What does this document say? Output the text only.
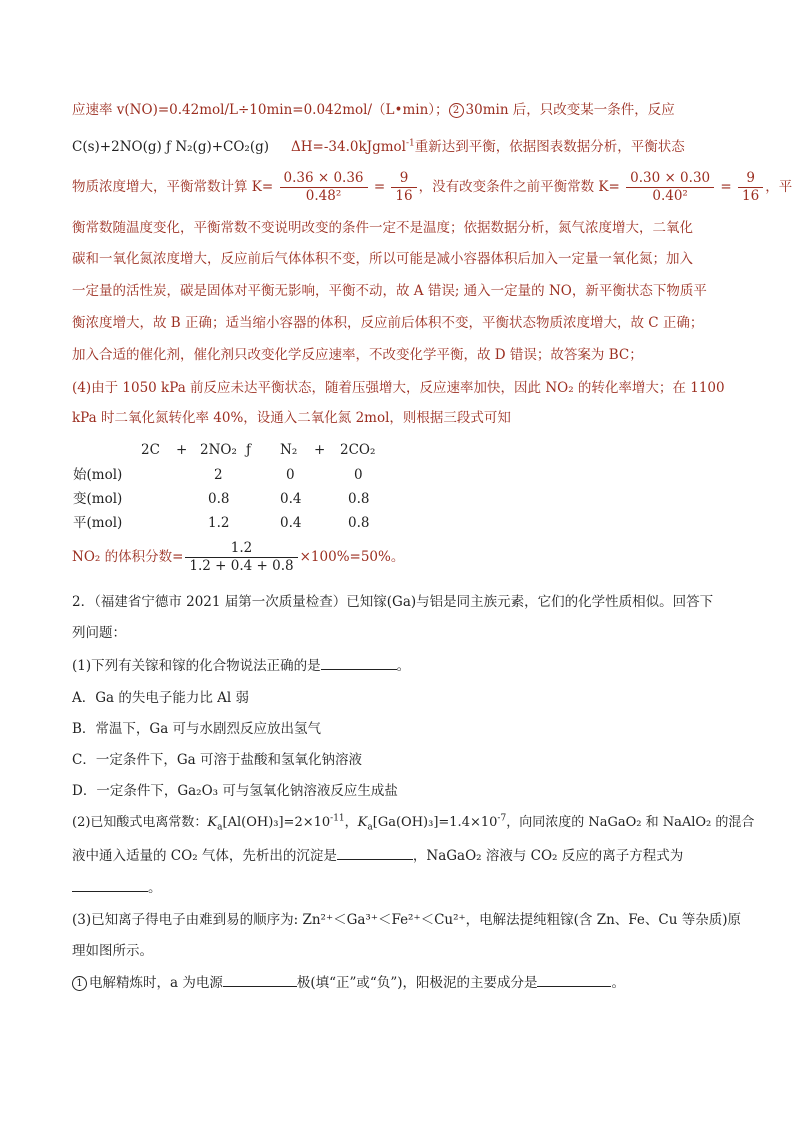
应速率 v(NO)=0.42mol/L÷10min=0.042mol/（L•min）； 2 30min 后，只改变某一条件，反应
C(s)+2NO(g) ƒ N₂(g)+CO₂(g) ΔH=-34.0kJgmol$^{-1}$重新达到平衡，依据图表数据分析，平衡状态
物质浓度增大，平衡常数计算 $K= \frac{0.36 \times 0.36}{\text{0.48²}} = \frac{9}{16}$ ，没有改变条件之前平衡常数 $K= \frac{0.30 \times 0.30}{\text{0.40²}} = \frac{9}{16}$ ，平
衡常数随温度变化，平衡常数不变说明改变的条件一定不是温度；依据数据分析，氮气浓度增大，二氧化
碳和一氧化氮浓度增大，反应前后气体体积不变，所以可能是减小容器体积后加入一定量一氧化氮；加入
一定量的活性炭，碳是固体对平衡无影响，平衡不动，故 A 错误; 通入一定量的 NO，新平衡状态下物质平
衡浓度增大，故 B 正确；适当缩小容器的体积，反应前后体积不变，平衡状态物质浓度增大，故 C 正确；
加入合适的催化剂，催化剂只改变化学反应速率，不改变化学平衡，故 D 错误；故答案为 BC；
(4)由于 1050 kPa 前反应未达平衡状态，随着压强增大，反应速率加快，因此 NO₂ 的转化率增大；在 1100
kPa 时二氧化氮转化率 40%，设通入二氧化氮 2mol，则根据三段式可知
2C + 2NO₂ ƒ N₂ + 2CO₂
始(mol)	2	0	0
变(mol)	0.8	0.4	0.8
平(mol)	1.2	0.4	0.8
NO₂ 的体积分数= $\frac{1.2}{1.2 + 0.4 + 0.8} \times 100\%=50\%$。
2．（福建省宁德市 2021 届第一次质量检查）已知镓(Ga)与铝是同主族元素，它们的化学性质相似。回答下
列问题：
(1)下列有关镓和镓的化合物说法正确的是	。
A．Ga 的失电子能力比 Al 弱
B．常温下，Ga 可与水剧烈反应放出氢气
C．一定条件下，Ga 可溶于盐酸和氢氧化钠溶液
D．一定条件下，Ga₂O₃ 可与氢氧化钠溶液反应生成盐
(2)已知酸式电离常数：$K_a[Al(OH)_3]=2\times 10^{-11}$，$K_a[Ga(OH)_3]=1.4\times 10^{-7}$，向同浓度的 NaGaO₂ 和 NaAlO₂ 的混合
液中通入适量的 CO₂ 气体，先析出的沉淀是	，NaGaO₂ 溶液与 CO₂ 反应的离子方程式为
。
(3)已知离子得电子由难到易的顺序为: Zn²⁺＜Ga³⁺＜Fe²⁺＜Cu²⁺，电解法提纯粗镓(含 Zn、Fe、Cu 等杂质)原
理如图所示。
1 电解精炼时，a 为电源	极(填“正”或“负”)，阳极泥的主要成分是	。
